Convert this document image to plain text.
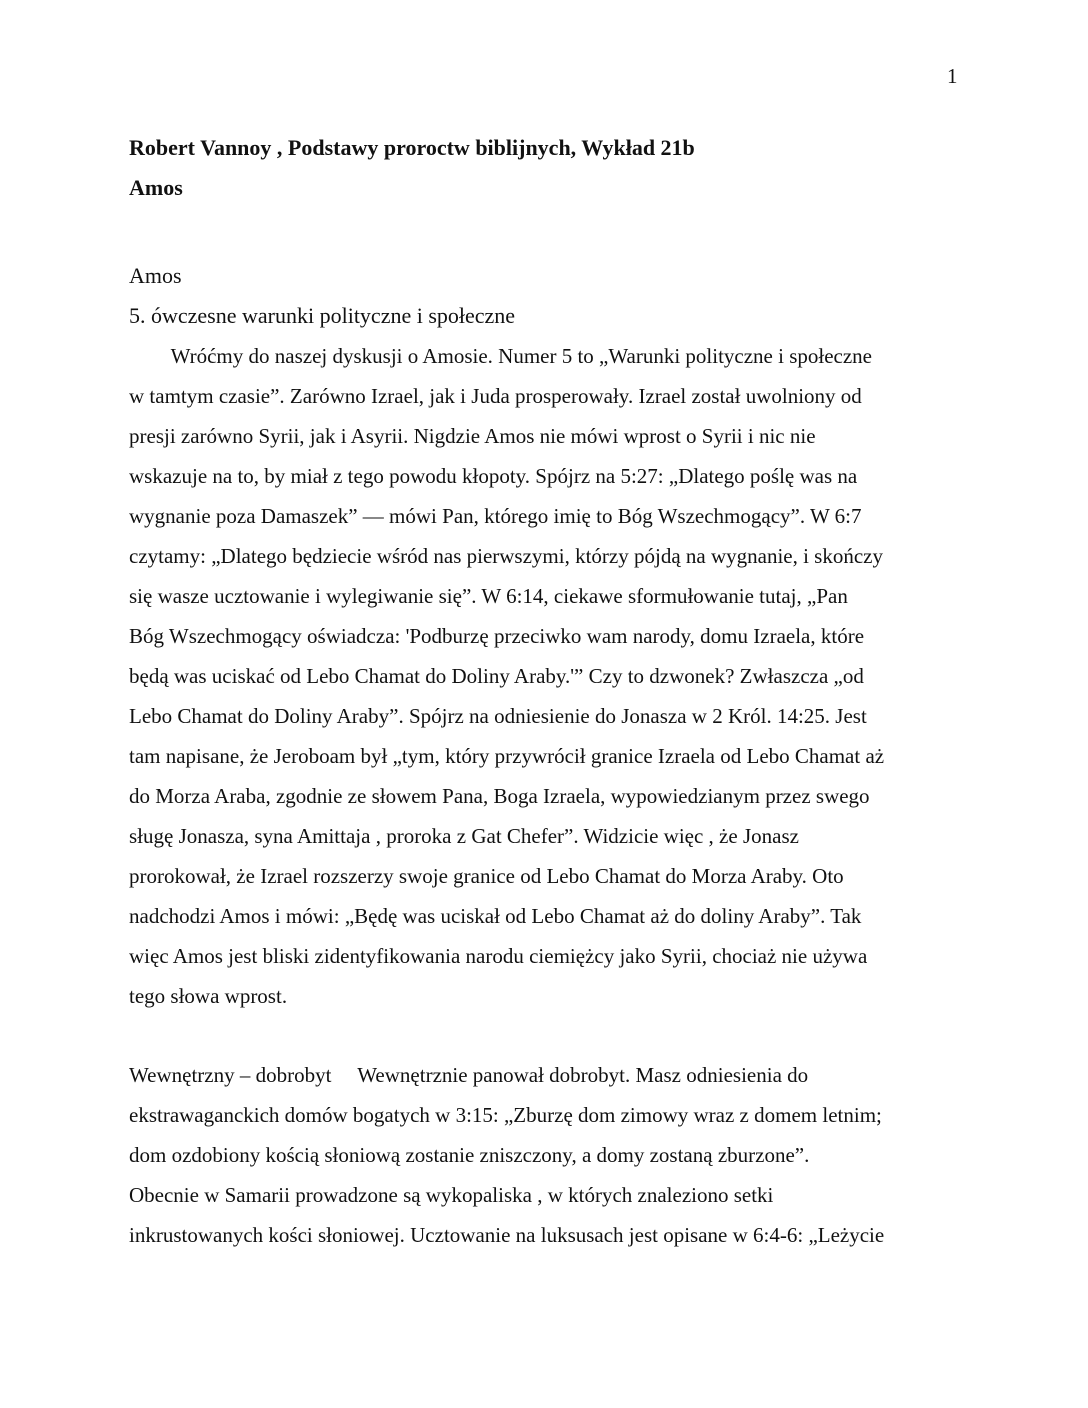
1
Robert Vannoy , Podstawy proroctw biblijnych, Wykład 21b
Amos
Amos
5. ówczesne warunki polityczne i społeczne
Wróćmy do naszej dyskusji o Amosie. Numer 5 to „Warunki polityczne i społeczne
w tamtym czasie”. Zarówno Izrael, jak i Juda prosperowały. Izrael został uwolniony od
presji zarówno Syrii, jak i Asyrii. Nigdzie Amos nie mówi wprost o Syrii i nic nie
wskazuje na to, by miał z tego powodu kłopoty. Spójrz na 5:27: „Dlatego poślę was na
wygnanie poza Damaszek” — mówi Pan, którego imię to Bóg Wszechmogący”. W 6:7
czytamy: „Dlatego będziecie wśród nas pierwszymi, którzy pójdą na wygnanie, i skończy
się wasze ucztowanie i wylegiwanie się”. W 6:14, ciekawe sformułowanie tutaj, „Pan
Bóg Wszechmogący oświadcza: 'Podburzę przeciwko wam narody, domu Izraela, które
będą was uciskać od Lebo Chamat do Doliny Araby.'” Czy to dzwonek? Zwłaszcza „od
Lebo Chamat do Doliny Araby”. Spójrz na odniesienie do Jonasza w 2 Król. 14:25. Jest
tam napisane, że Jeroboam był „tym, który przywrócił granice Izraela od Lebo Chamat aż
do Morza Araba, zgodnie ze słowem Pana, Boga Izraela, wypowiedzianym przez swego
sługę Jonasza, syna Amittaja , proroka z Gat Chefer”. Widzicie więc , że Jonasz
prorokował, że Izrael rozszerzy swoje granice od Lebo Chamat do Morza Araby. Oto
nadchodzi Amos i mówi: „Będę was uciskał od Lebo Chamat aż do doliny Araby”. Tak
więc Amos jest bliski zidentyfikowania narodu ciemiężcy jako Syrii, chociaż nie używa
tego słowa wprost.
Wewnętrzny – dobrobyt     Wewnętrznie panował dobrobyt. Masz odniesienia do
ekstrawaganckich domów bogatych w 3:15: „Zburzę dom zimowy wraz z domem letnim;
dom ozdobiony kością słoniową zostanie zniszczony, a domy zostaną zburzone”.
Obecnie w Samarii prowadzone są wykopaliska , w których znaleziono setki
inkrustowanych kości słoniowej. Ucztowanie na luksusach jest opisane w 6:4-6: „Leżycie
